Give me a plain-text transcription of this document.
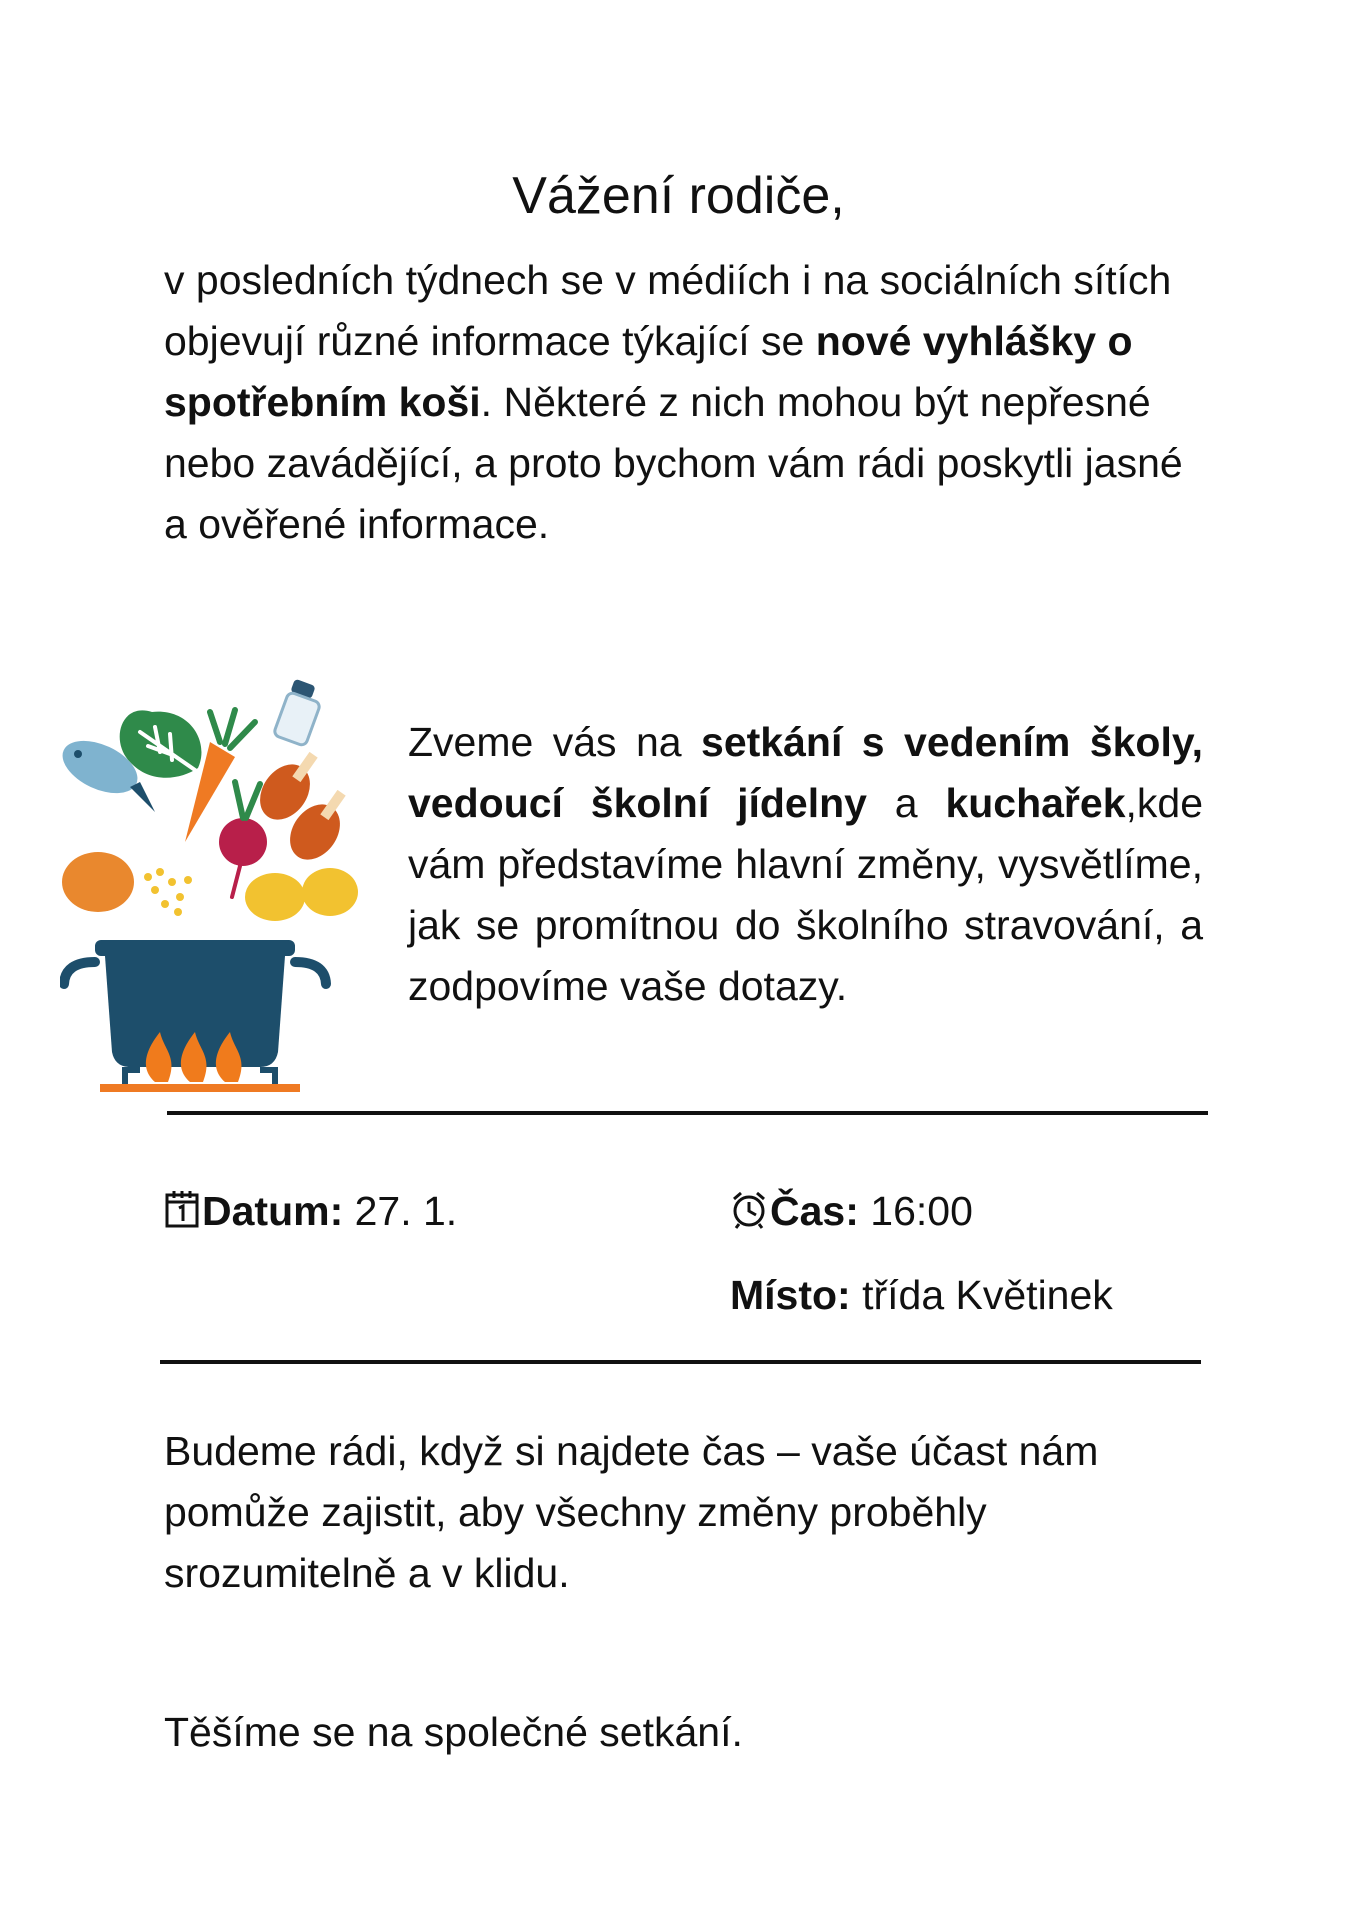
Vážení rodiče,
v posledních týdnech se v médiích i na sociálních sítích objevují různé informace týkající se nové vyhlášky o spotřebním koši. Některé z nich mohou být nepřesné nebo zavádějící, a proto bychom vám rádi poskytli jasné a ověřené informace.
Zveme vás na setkání s vedením školy, vedoucí školní jídelny a kuchařek,kde vám představíme hlavní změny, vysvětlíme, jak se promítnou do školního stravování, a zodpovíme vaše dotazy.
Datum: 27. 1.	Čas: 16:00
Místo: třída Květinek
Budeme rádi, když si najdete čas – vaše účast nám pomůže zajistit, aby všechny změny proběhly srozumitelně a v klidu.
Těšíme se na společné setkání.
